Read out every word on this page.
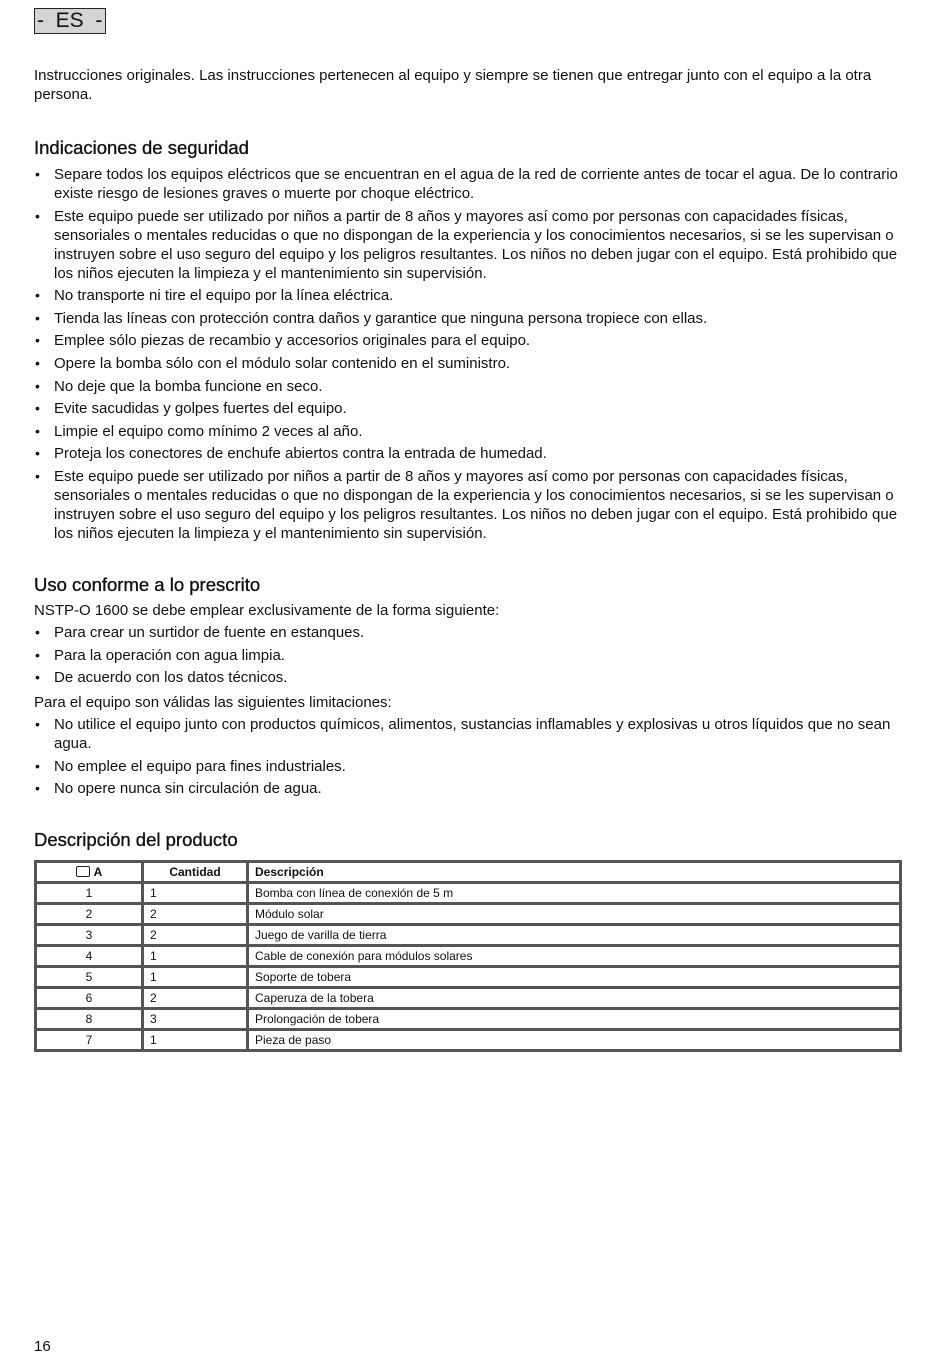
-  ES  -

Instrucciones originales. Las instrucciones pertenecen al equipo y siempre se tienen que entregar junto con el equipo a la otra persona.

Indicaciones de seguridad
• Separe todos los equipos eléctricos que se encuentran en el agua de la red de corriente antes de tocar el agua. De lo contrario existe riesgo de lesiones graves o muerte por choque eléctrico.
• Este equipo puede ser utilizado por niños a partir de 8 años y mayores así como por personas con capacidades físicas, sensoriales o mentales reducidas o que no dispongan de la experiencia y los conocimientos necesarios, si se les supervisan o instruyen sobre el uso seguro del equipo y los peligros resultantes. Los niños no deben jugar con el equipo. Está prohibido que los niños ejecuten la limpieza y el mantenimiento sin supervisión.
• No transporte ni tire el equipo por la línea eléctrica.
• Tienda las líneas con protección contra daños y garantice que ninguna persona tropiece con ellas.
• Emplee sólo piezas de recambio y accesorios originales para el equipo.
• Opere la bomba sólo con el módulo solar contenido en el suministro.
• No deje que la bomba funcione en seco.
• Evite sacudidas y golpes fuertes del equipo.
• Limpie el equipo como mínimo 2 veces al año.
• Proteja los conectores de enchufe abiertos contra la entrada de humedad.
• Este equipo puede ser utilizado por niños a partir de 8 años y mayores así como por personas con capacidades físicas, sensoriales o mentales reducidas o que no dispongan de la experiencia y los conocimientos necesarios, si se les supervisan o instruyen sobre el uso seguro del equipo y los peligros resultantes. Los niños no deben jugar con el equipo. Está prohibido que los niños ejecuten la limpieza y el mantenimiento sin supervisión.
Uso conforme a lo prescrito

NSTP-O 1600 se debe emplear exclusivamente de la forma siguiente:

• Para crear un surtidor de fuente en estanques.
• Para la operación con agua limpia.
• De acuerdo con los datos técnicos.

Para el equipo son válidas las siguientes limitaciones:

• No utilice el equipo junto con productos químicos, alimentos, sustancias inflamables y explosivas u otros líquidos que no sean agua.
• No emplee el equipo para fines industriales.
• No opere nunca sin circulación de agua.
Descripción del producto
A	Cantidad	Descripción
1	1	Bomba con línea de conexión de 5 m
2	2	Módulo solar
3	2	Juego de varilla de tierra
4	1	Cable de conexión para módulos solares
5	1	Soporte de tobera
6	2	Caperuza de la tobera
8	3	Prolongación de tobera
7	1	Pieza de paso
16
